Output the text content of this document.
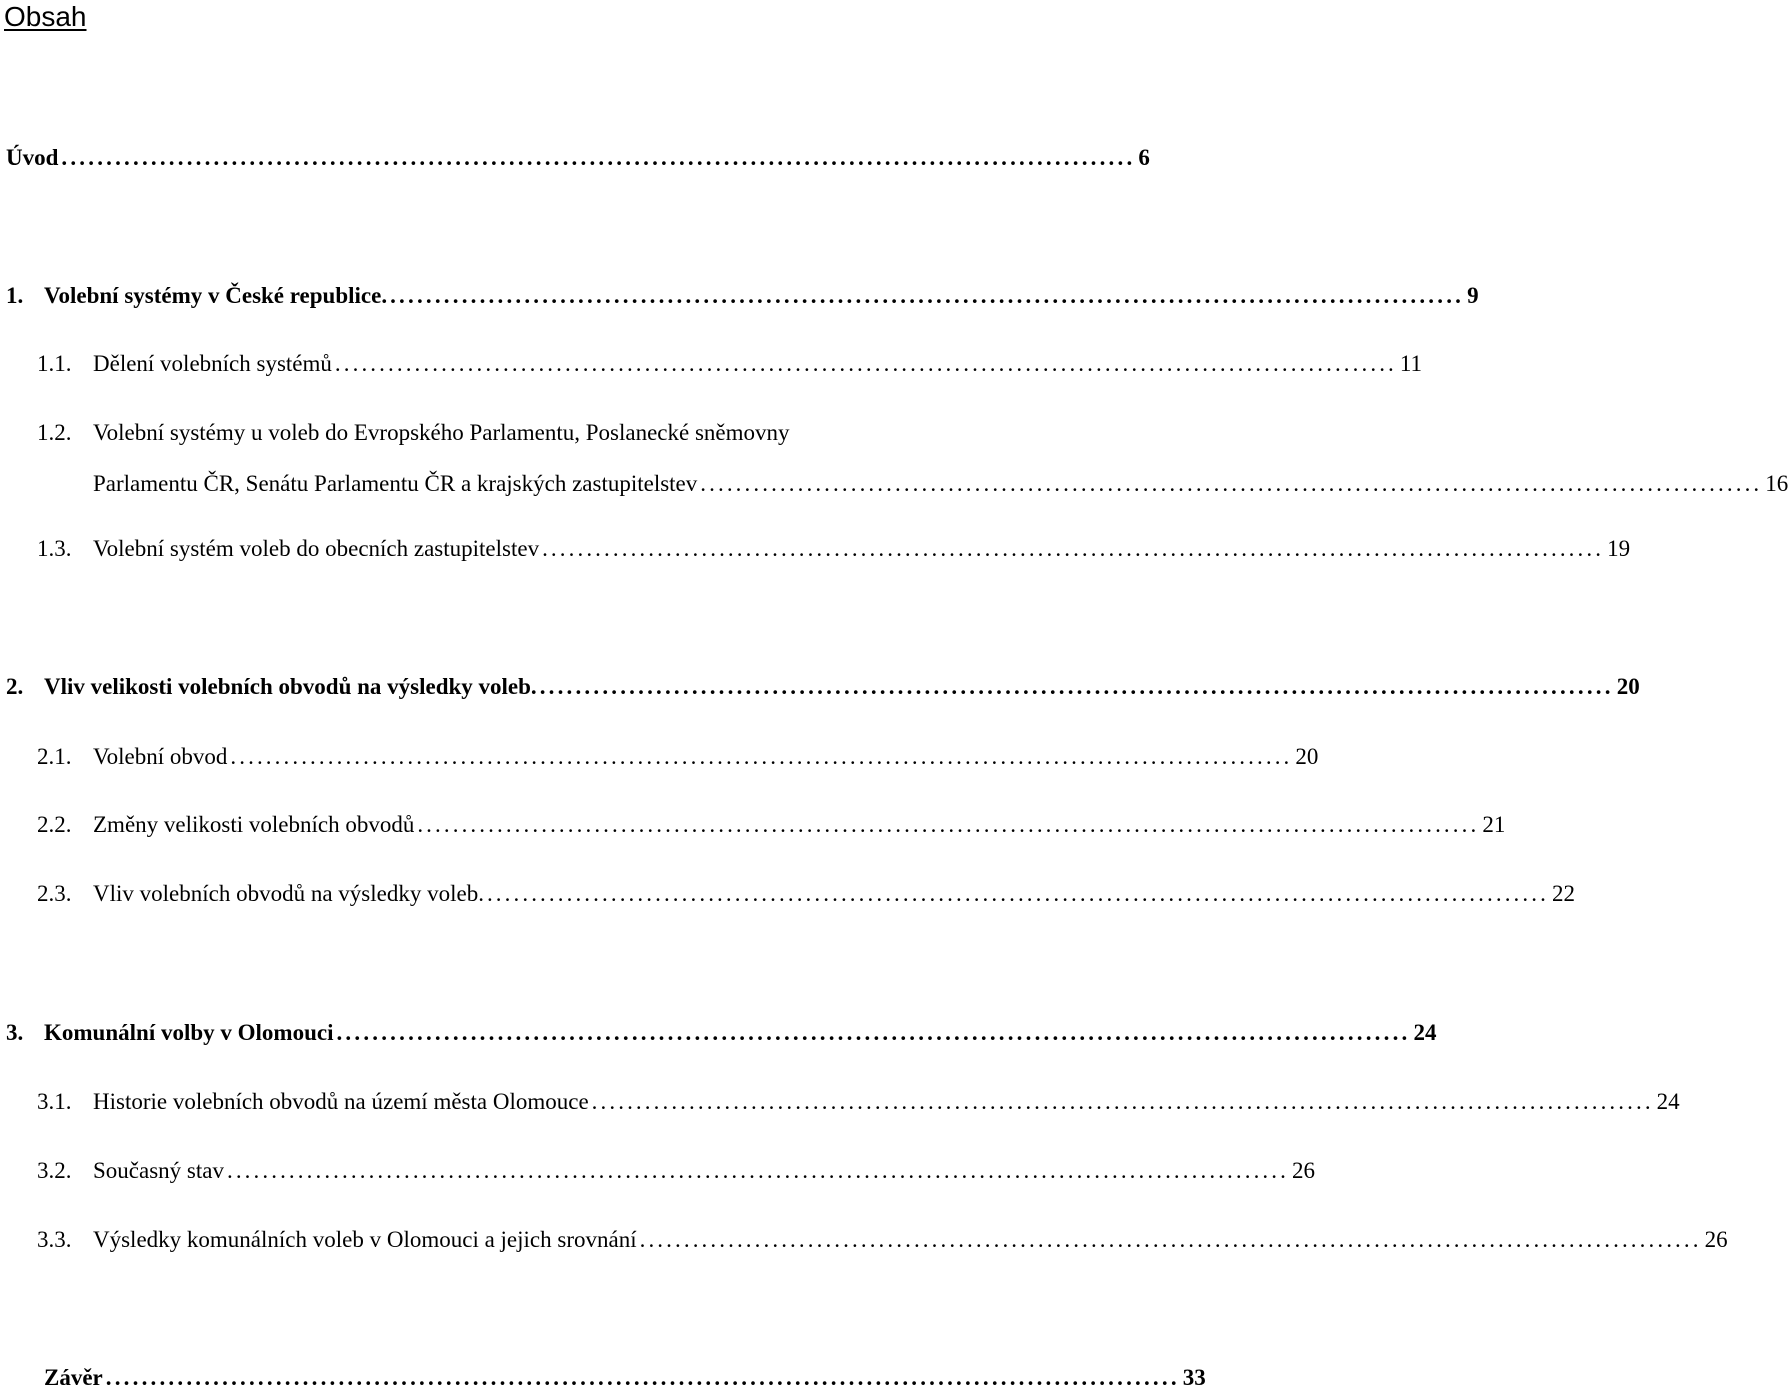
Obsah
Úvod ........................................................................................................................ 6
1. Volební systémy v České republice. ........................................................................................................................ 9
1.1. Dělení volebních systémů ........................................................................................................................ 11
1.2. Volební systémy u voleb do Evropského Parlamentu, Poslanecké sněmovny
Parlamentu ČR, Senátu Parlamentu ČR a krajských zastupitelstev ........................................................................................................................ 16
1.3. Volební systém voleb do obecních zastupitelstev ........................................................................................................................ 19
2. Vliv velikosti volebních obvodů na výsledky voleb. ........................................................................................................................ 20
2.1. Volební obvod ........................................................................................................................ 20
2.2. Změny velikosti volebních obvodů ........................................................................................................................ 21
2.3. Vliv volebních obvodů na výsledky voleb. ........................................................................................................................ 22
3. Komunální volby v Olomouci ........................................................................................................................ 24
3.1. Historie volebních obvodů na území města Olomouce ........................................................................................................................ 24
3.2. Současný stav ........................................................................................................................ 26
3.3. Výsledky komunálních voleb v Olomouci a jejich srovnání ........................................................................................................................ 26
Závěr ........................................................................................................................ 33
